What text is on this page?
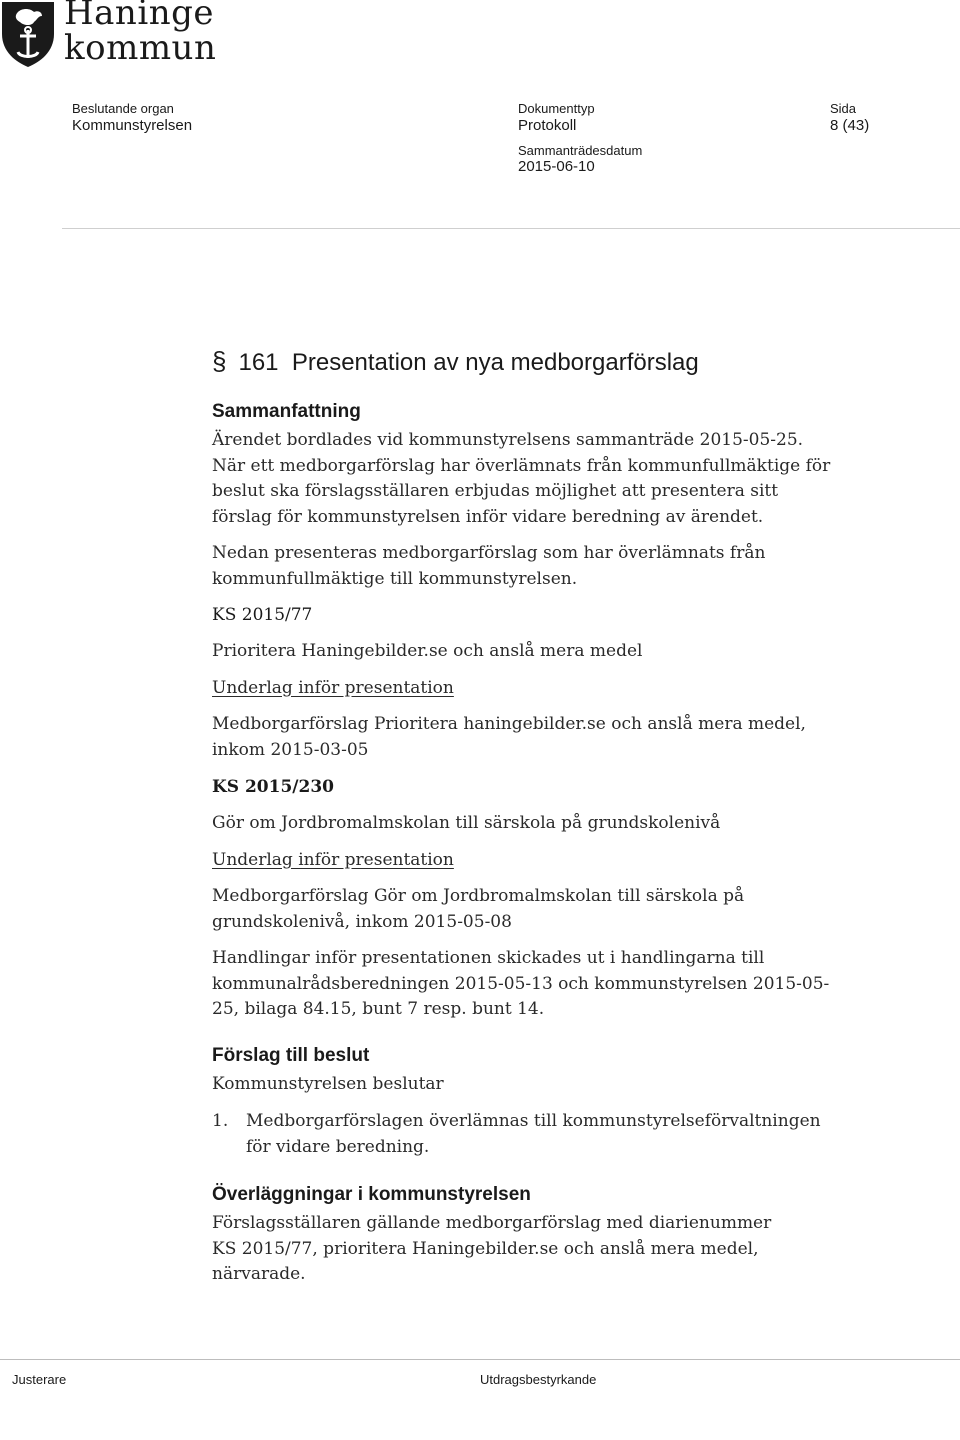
Haninge
kommun
Beslutande organ
Kommunstyrelsen
Dokumenttyp
Protokoll
Sammanträdesdatum
2015-06-10
Sida
8 (43)
§ 161  Presentation av nya medborgarförslag
Sammanfattning

Ärendet bordlades vid kommunstyrelsens sammanträde 2015-05-25.

När ett medborgarförslag har överlämnats från kommunfullmäktige för beslut ska förslagsställaren erbjudas möjlighet att presentera sitt förslag för kommunstyrelsen inför vidare beredning av ärendet.

Nedan presenteras medborgarförslag som har överlämnats från kommunfullmäktige till kommunstyrelsen.

KS 2015/77

Prioritera Haningebilder.se och anslå mera medel

Underlag inför presentation

Medborgarförslag Prioritera haningebilder.se och anslå mera medel, inkom 2015-03-05

KS 2015/230

Gör om Jordbromalmskolan till särskola på grundskolenivå

Underlag inför presentation

Medborgarförslag Gör om Jordbromalmskolan till särskola på grundskolenivå, inkom 2015-05-08

Handlingar inför presentationen skickades ut i handlingarna till kommunalrådsberedningen 2015-05-13 och kommunstyrelsen 2015-05-25, bilaga 84.15, bunt 7 resp. bunt 14.

Förslag till beslut

Kommunstyrelsen beslutar

1.	Medborgarförslagen överlämnas till kommunstyrelseförvaltningen för vidare beredning.
Överläggningar i kommunstyrelsen

Förslagsställaren gällande medborgarförslag med diarienummer KS 2015/77, prioritera Haningebilder.se och anslå mera medel, närvarade.

Justerare	Utdragsbestyrkande
